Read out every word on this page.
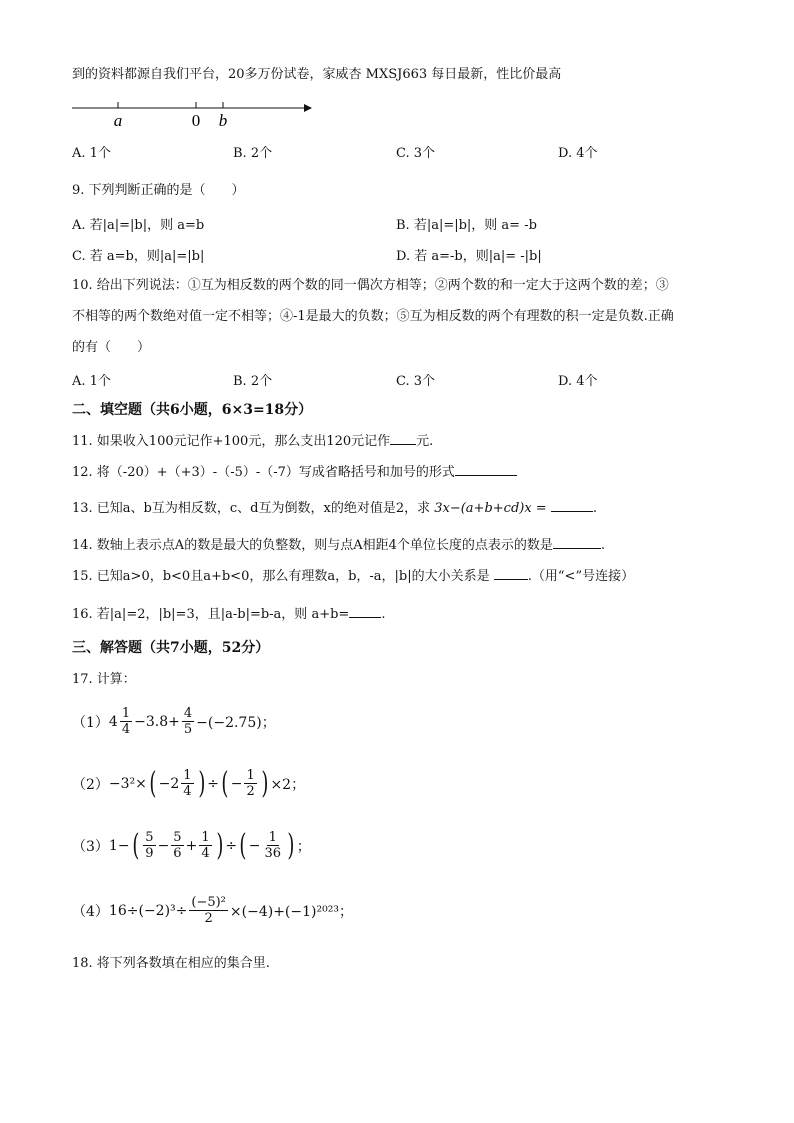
到的资料都源自我们平台，20多万份试卷，家威杏 MXSJ663 每日最新，性比价最高
a	0 b
A. 1个	B. 2个	C. 3个	D. 4个
9. 下列判断正确的是（　　）
A. 若|a|=|b|，则 a=b	B. 若|a|=|b|，则 a= -b
C. 若 a=b，则|a|=|b|	D. 若 a=-b，则|a|= -|b|
10. 给出下列说法：①互为相反数的两个数的同一偶次方相等；②两个数的和一定大于这两个数的差；③
不相等的两个数绝对值一定不相等；④-1是最大的负数；⑤互为相反数的两个有理数的积一定是负数.正确
的有（　　）
A. 1个	B. 2个	C. 3个	D. 4个
二、填空题（共6小题，6×3=18分）
11. 如果收入100元记作+100元，那么支出120元记作 元.
12. 将（-20）+（+3）-（-5）-（-7）写成省略括号和加号的形式
13. 已知a、b互为相反数，c、d互为倒数，x的绝对值是2，求 3x−(a+b+cd)x =	.
14. 数轴上表示点A的数是最大的负整数，则与点A相距4个单位长度的点表示的数是	.
15. 已知a>0，b<0且a+b<0，那么有理数a，b，-a，|b|的大小关系是	.（用“<”号连接）
16. 若|a|=2，|b|=3，且|a-b|=b-a，则 a+b= .
三、解答题（共7小题，52分）
17. 计算：
（1） $4 \frac{1}{4} -3.8+ \frac{4}{5} -(-2.75)$；
（2） −3²× ( $-2 \frac{1}{4}$ ) ÷ ( − $\frac{1}{2}$ ) ×2；
（3） 1− ( $\frac{5}{9} - \frac{5}{6} + \frac{1}{4}$ ) ÷ ( − $\frac{1}{36}$ ) ；
（4） $16\div(-2)^3\div \frac{\text{(−5)²}}{2} \times(-4)+(-1)^{2023}$；
18. 将下列各数填在相应的集合里.
